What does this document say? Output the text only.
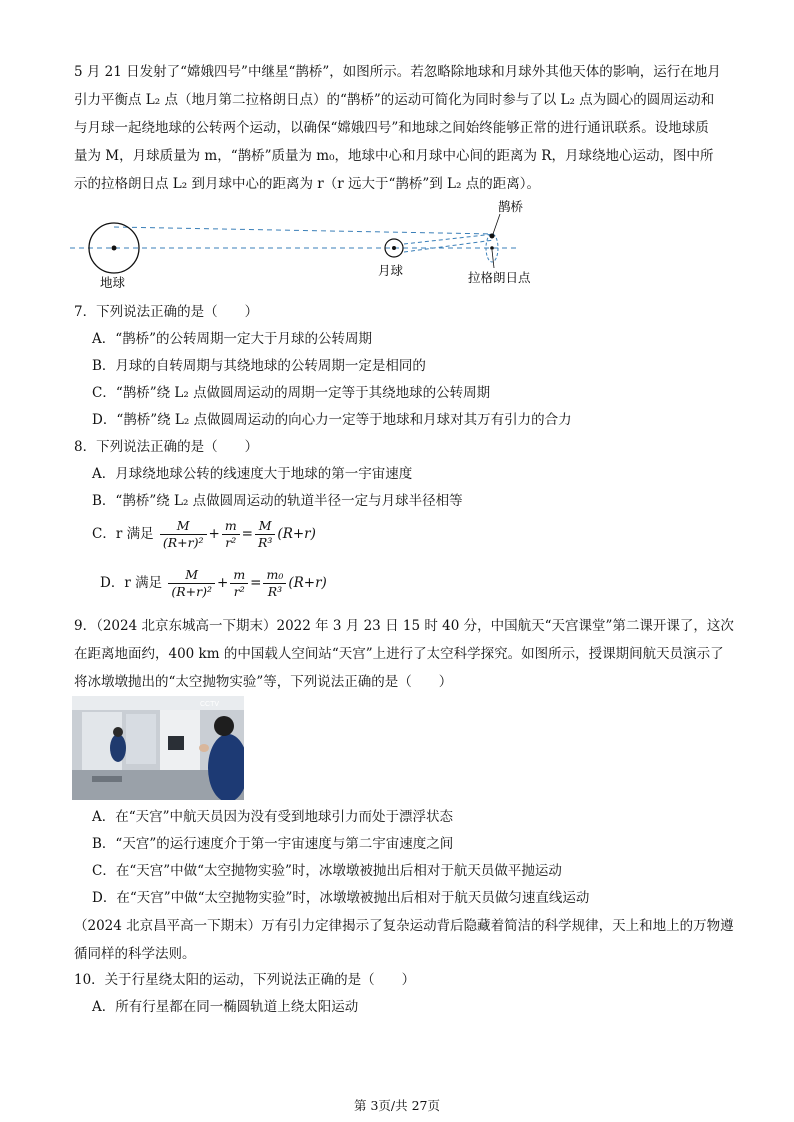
5 月 21 日发射了“嫦娥四号”中继星“鹊桥”，如图所示。若忽略除地球和月球外其他天体的影响，运行在地月引力平衡点 L₂ 点（地月第二拉格朗日点）的“鹊桥”的运动可简化为同时参与了以 L₂ 点为圆心的圆周运动和与月球一起绕地球的公转两个运动，以确保“嫦娥四号”和地球之间始终能够正常的进行通讯联系。设地球质量为 M，月球质量为 m，“鹊桥”质量为 m₀，地球中心和月球中心间的距离为 R，月球绕地心运动，图中所示的拉格朗日点 L₂ 到月球中心的距离为 r（r 远大于“鹊桥”到 L₂ 点的距离）。

地球
月球
鹊桥
拉格朗日点

7．下列说法正确的是（　　）

A．“鹊桥”的公转周期一定大于月球的公转周期

B．月球的自转周期与其绕地球的公转周期一定是相同的

C．“鹊桥”绕 L₂ 点做圆周运动的周期一定等于其绕地球的公转周期

D．“鹊桥”绕 L₂ 点做圆周运动的向心力一定等于地球和月球对其万有引力的合力

8．下列说法正确的是（　　）

A．月球绕地球公转的线速度大于地球的第一宇宙速度

B．“鹊桥”绕 L₂ 点做圆周运动的轨道半径一定与月球半径相等

C．r 满足 $\frac{M}{\text{(R+r)²}} + \frac{m}{\text{r²}} = \frac{M}{\text{R³}} (R+r)$
D．r 满足 $\frac{M}{\text{(R+r)²}} + \frac{m}{\text{r²}} = \frac{\text{m₀}}{\text{R³}} (R+r)$

9．（2024 北京东城高一下期末）2022 年 3 月 23 日 15 时 40 分，中国航天“天宫课堂”第二课开课了，这次在距离地面约，400 km 的中国载人空间站“天宫”上进行了太空科学探究。如图所示，授课期间航天员演示了将冰墩墩抛出的“太空抛物实验”等，下列说法正确的是（　　）

CCTV

A．在“天宫”中航天员因为没有受到地球引力而处于漂浮状态

B．“天宫”的运行速度介于第一宇宙速度与第二宇宙速度之间

C．在“天宫”中做“太空抛物实验”时，冰墩墩被抛出后相对于航天员做平抛运动

D．在“天宫”中做“太空抛物实验”时，冰墩墩被抛出后相对于航天员做匀速直线运动

（2024 北京昌平高一下期末）万有引力定律揭示了复杂运动背后隐藏着简洁的科学规律，天上和地上的万物遵循同样的科学法则。

10．关于行星绕太阳的运动，下列说法正确的是（　　）

A．所有行星都在同一椭圆轨道上绕太阳运动

第 3页/共 27页
